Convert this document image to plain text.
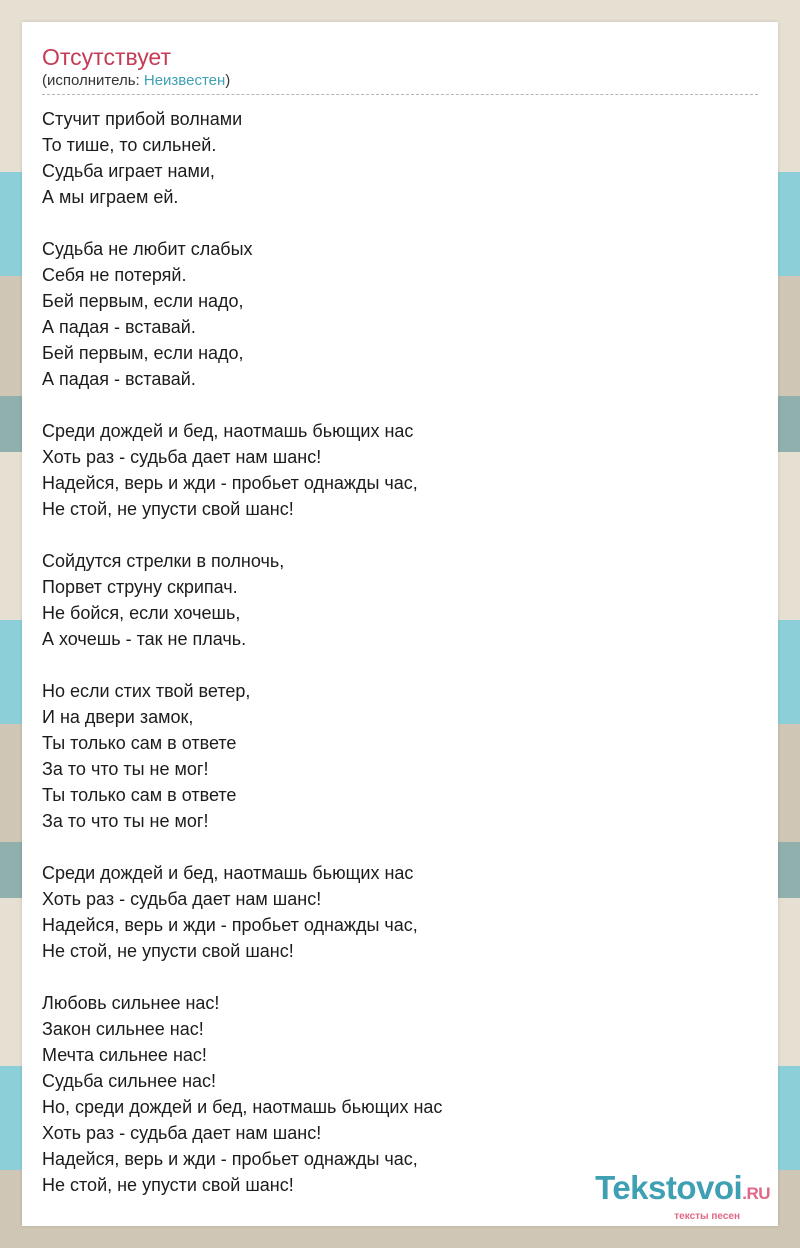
Отсутствует
(исполнитель: Неизвестен)
Стучит прибой волнами
То тише, то сильней.
Судьба играет нами,
А мы играем ей.
Судьба не любит слабых
Себя не потеряй.
Бей первым, если надо,
А падая - вставай.
Бей первым, если надо,
А падая - вставай.
Среди дождей и бед, наотмашь бьющих нас
Хоть раз - судьба дает нам шанс!
Надейся, верь и жди - пробьет однажды час,
Не стой, не упусти свой шанс!
Сойдутся стрелки в полночь,
Порвет струну скрипач.
Не бойся, если хочешь,
А хочешь - так не плачь.
Но если стих твой ветер,
И на двери замок,
Ты только сам в ответе
За то что ты не мог!
Ты только сам в ответе
За то что ты не мог!
Среди дождей и бед, наотмашь бьющих нас
Хоть раз - судьба дает нам шанс!
Надейся, верь и жди - пробьет однажды час,
Не стой, не упусти свой шанс!
Любовь сильнее нас!
Закон сильнее нас!
Мечта сильнее нас!
Судьба сильнее нас!
Но, среди дождей и бед, наотмашь бьющих нас
Хоть раз - судьба дает нам шанс!
Надейся, верь и жди - пробьет однажды час,
Не стой, не упусти свой шанс!	Tekstovoi.RU
тексты песен
